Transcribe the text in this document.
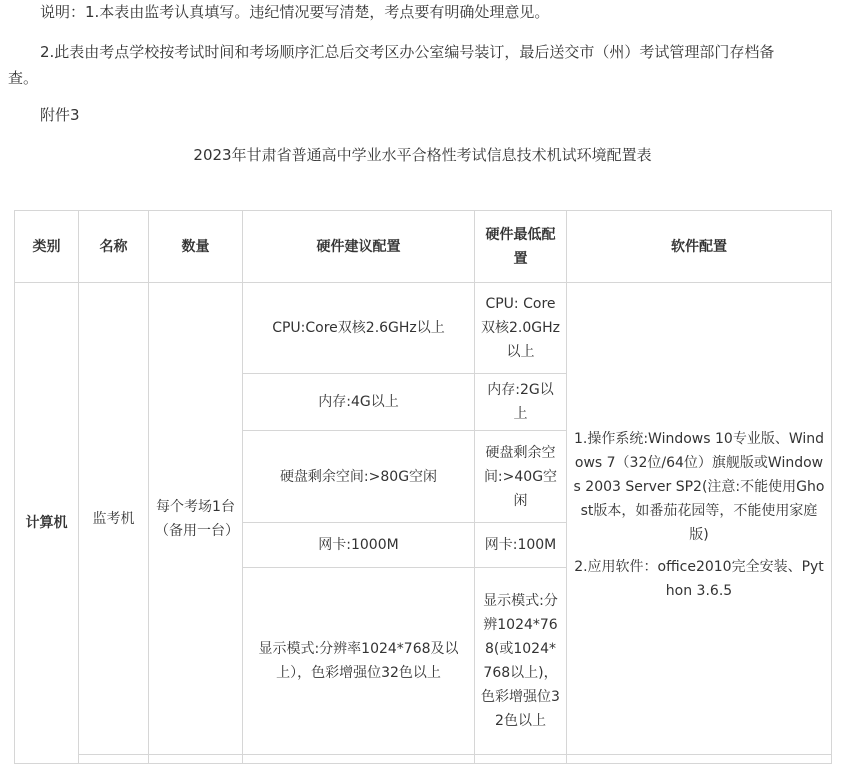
说明：1.本表由监考认真填写。违纪情况要写清楚，考点要有明确处理意见。
2.此表由考点学校按考试时间和考场顺序汇总后交考区办公室编号装订，最后送交市（州）考试管理部门存档备
查。
附件3
2023年甘肃省普通高中学业水平合格性考试信息技术机试环境配置表
类别	名称	数量	硬件建议配置	硬件最低配置	软件配置
计算机	监考机	每个考场1台（备用一台）	CPU:Core双核2.6GHz以上	CPU: Core双核2.0GHz以上	1.操作系统:Windows 10专业版、Windows 7（32位/64位）旗舰版或Windows 2003 Server SP2(注意:不能使用Ghost版本，如番茄花园等，不能使用家庭版)

2.应用软件：office2010完全安装、Python 3.6.5

			内存:4G以上	内存:2G以上	
			硬盘剩余空间:>80G空闲	硬盘剩余空间:>40G空闲	
			网卡:1000M	网卡:100M	
			显示模式:分辨率1024*768及以上），色彩增强位32色以上	显示模式:分辨1024*768(或1024*768以上)，色彩增强位32色以上	
